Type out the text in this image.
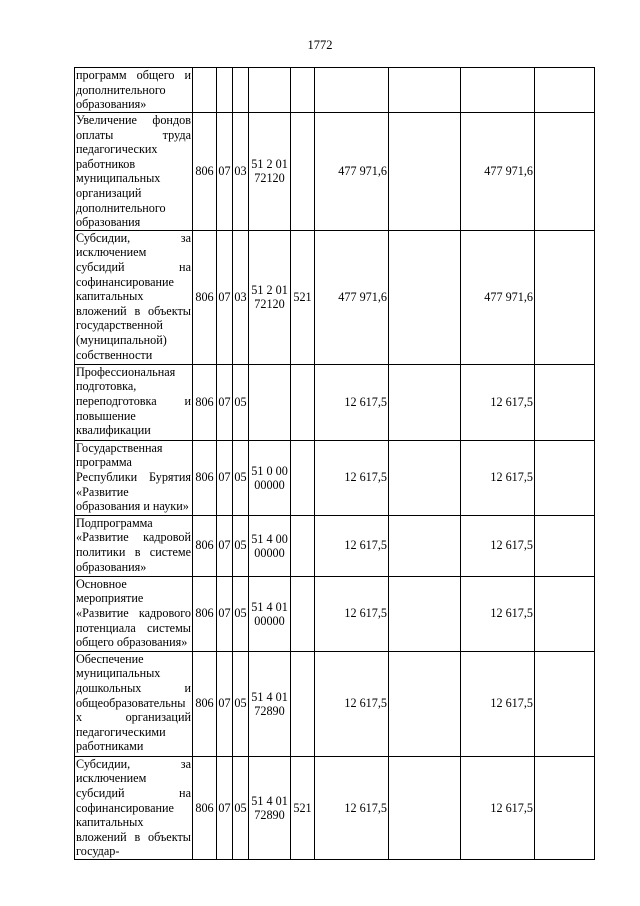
1772
программ общего и дополнительного образования»									
Увеличение фондов оплаты труда педагогических работников муниципальных организаций дополнительного образования	806	07	03	51 2 01 72120		477 971,6		477 971,6	
Субсидии, за исключением субсидий на софинансирование капитальных вложений в объекты государственной (муниципальной) собственности	806	07	03	51 2 01 72120	521	477 971,6		477 971,6	
Профессиональная подготовка, переподготовка и повышение квалификации	806	07	05			12 617,5		12 617,5	
Государственная программа Республики Бурятия «Развитие образования и науки»	806	07	05	51 0 00 00000		12 617,5		12 617,5	
Подпрограмма «Развитие кадровой политики в системе образования»	806	07	05	51 4 00 00000		12 617,5		12 617,5	
Основное мероприятие «Развитие кадрового потенциала системы общего образования»	806	07	05	51 4 01 00000		12 617,5		12 617,5	
Обеспечение муниципальных дошкольных и общеобразовательных организаций педагогическими работниками	806	07	05	51 4 01 72890		12 617,5		12 617,5	
Субсидии, за исключением субсидий на софинансирование капитальных вложений в объекты государ-	806	07	05	51 4 01 72890	521	12 617,5		12 617,5	
